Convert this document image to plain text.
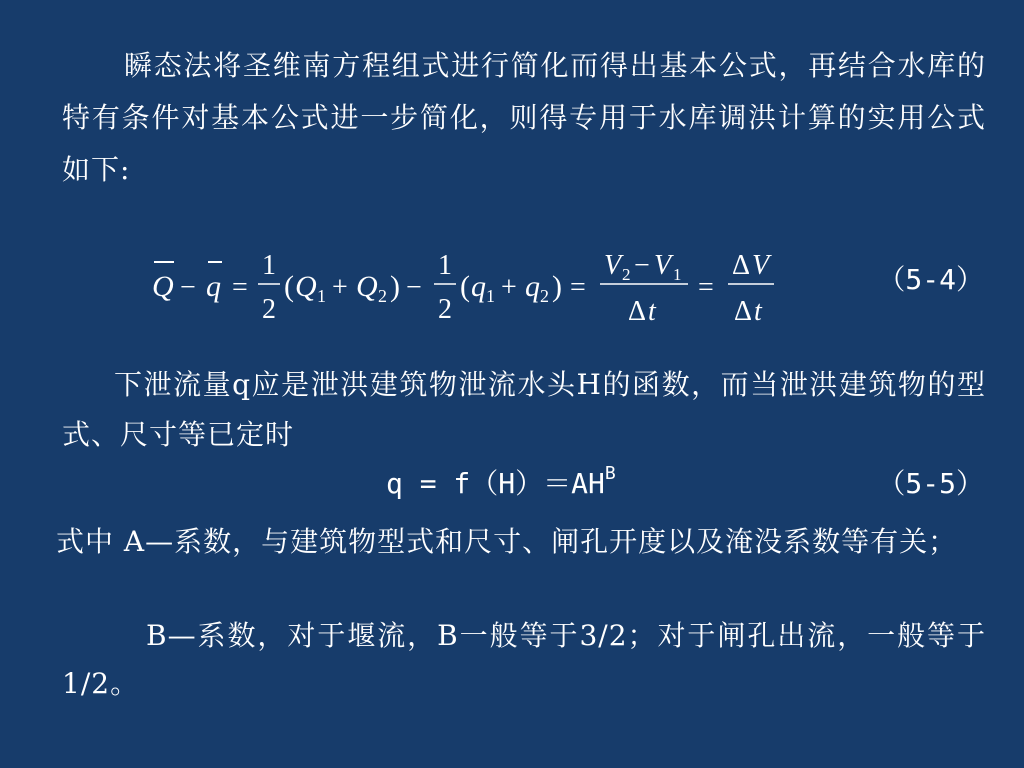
瞬态法将圣维南方程组式进行简化而得出基本公式，再结合水库的特有条件对基本公式进一步简化，则得专用于水库调洪计算的实用公式如下:
Q − q =
1
2
( Q 1 + Q 2 ) −
1
2
( q 1 + q 2 ) =
V 2 − V 1
Δ t
=
Δ V
Δ t
（5-4）
下泄流量q应是泄洪建筑物泄流水头H的函数，而当泄洪建筑物的型式、尺寸等已定时
$q = f(H)=AH^B$	（5-5）
式中 A—系数，与建筑物型式和尺寸、闸孔开度以及淹没系数等有关；
B—系数，对于堰流，B一般等于3/2；对于闸孔出流，一般等于1/2。
